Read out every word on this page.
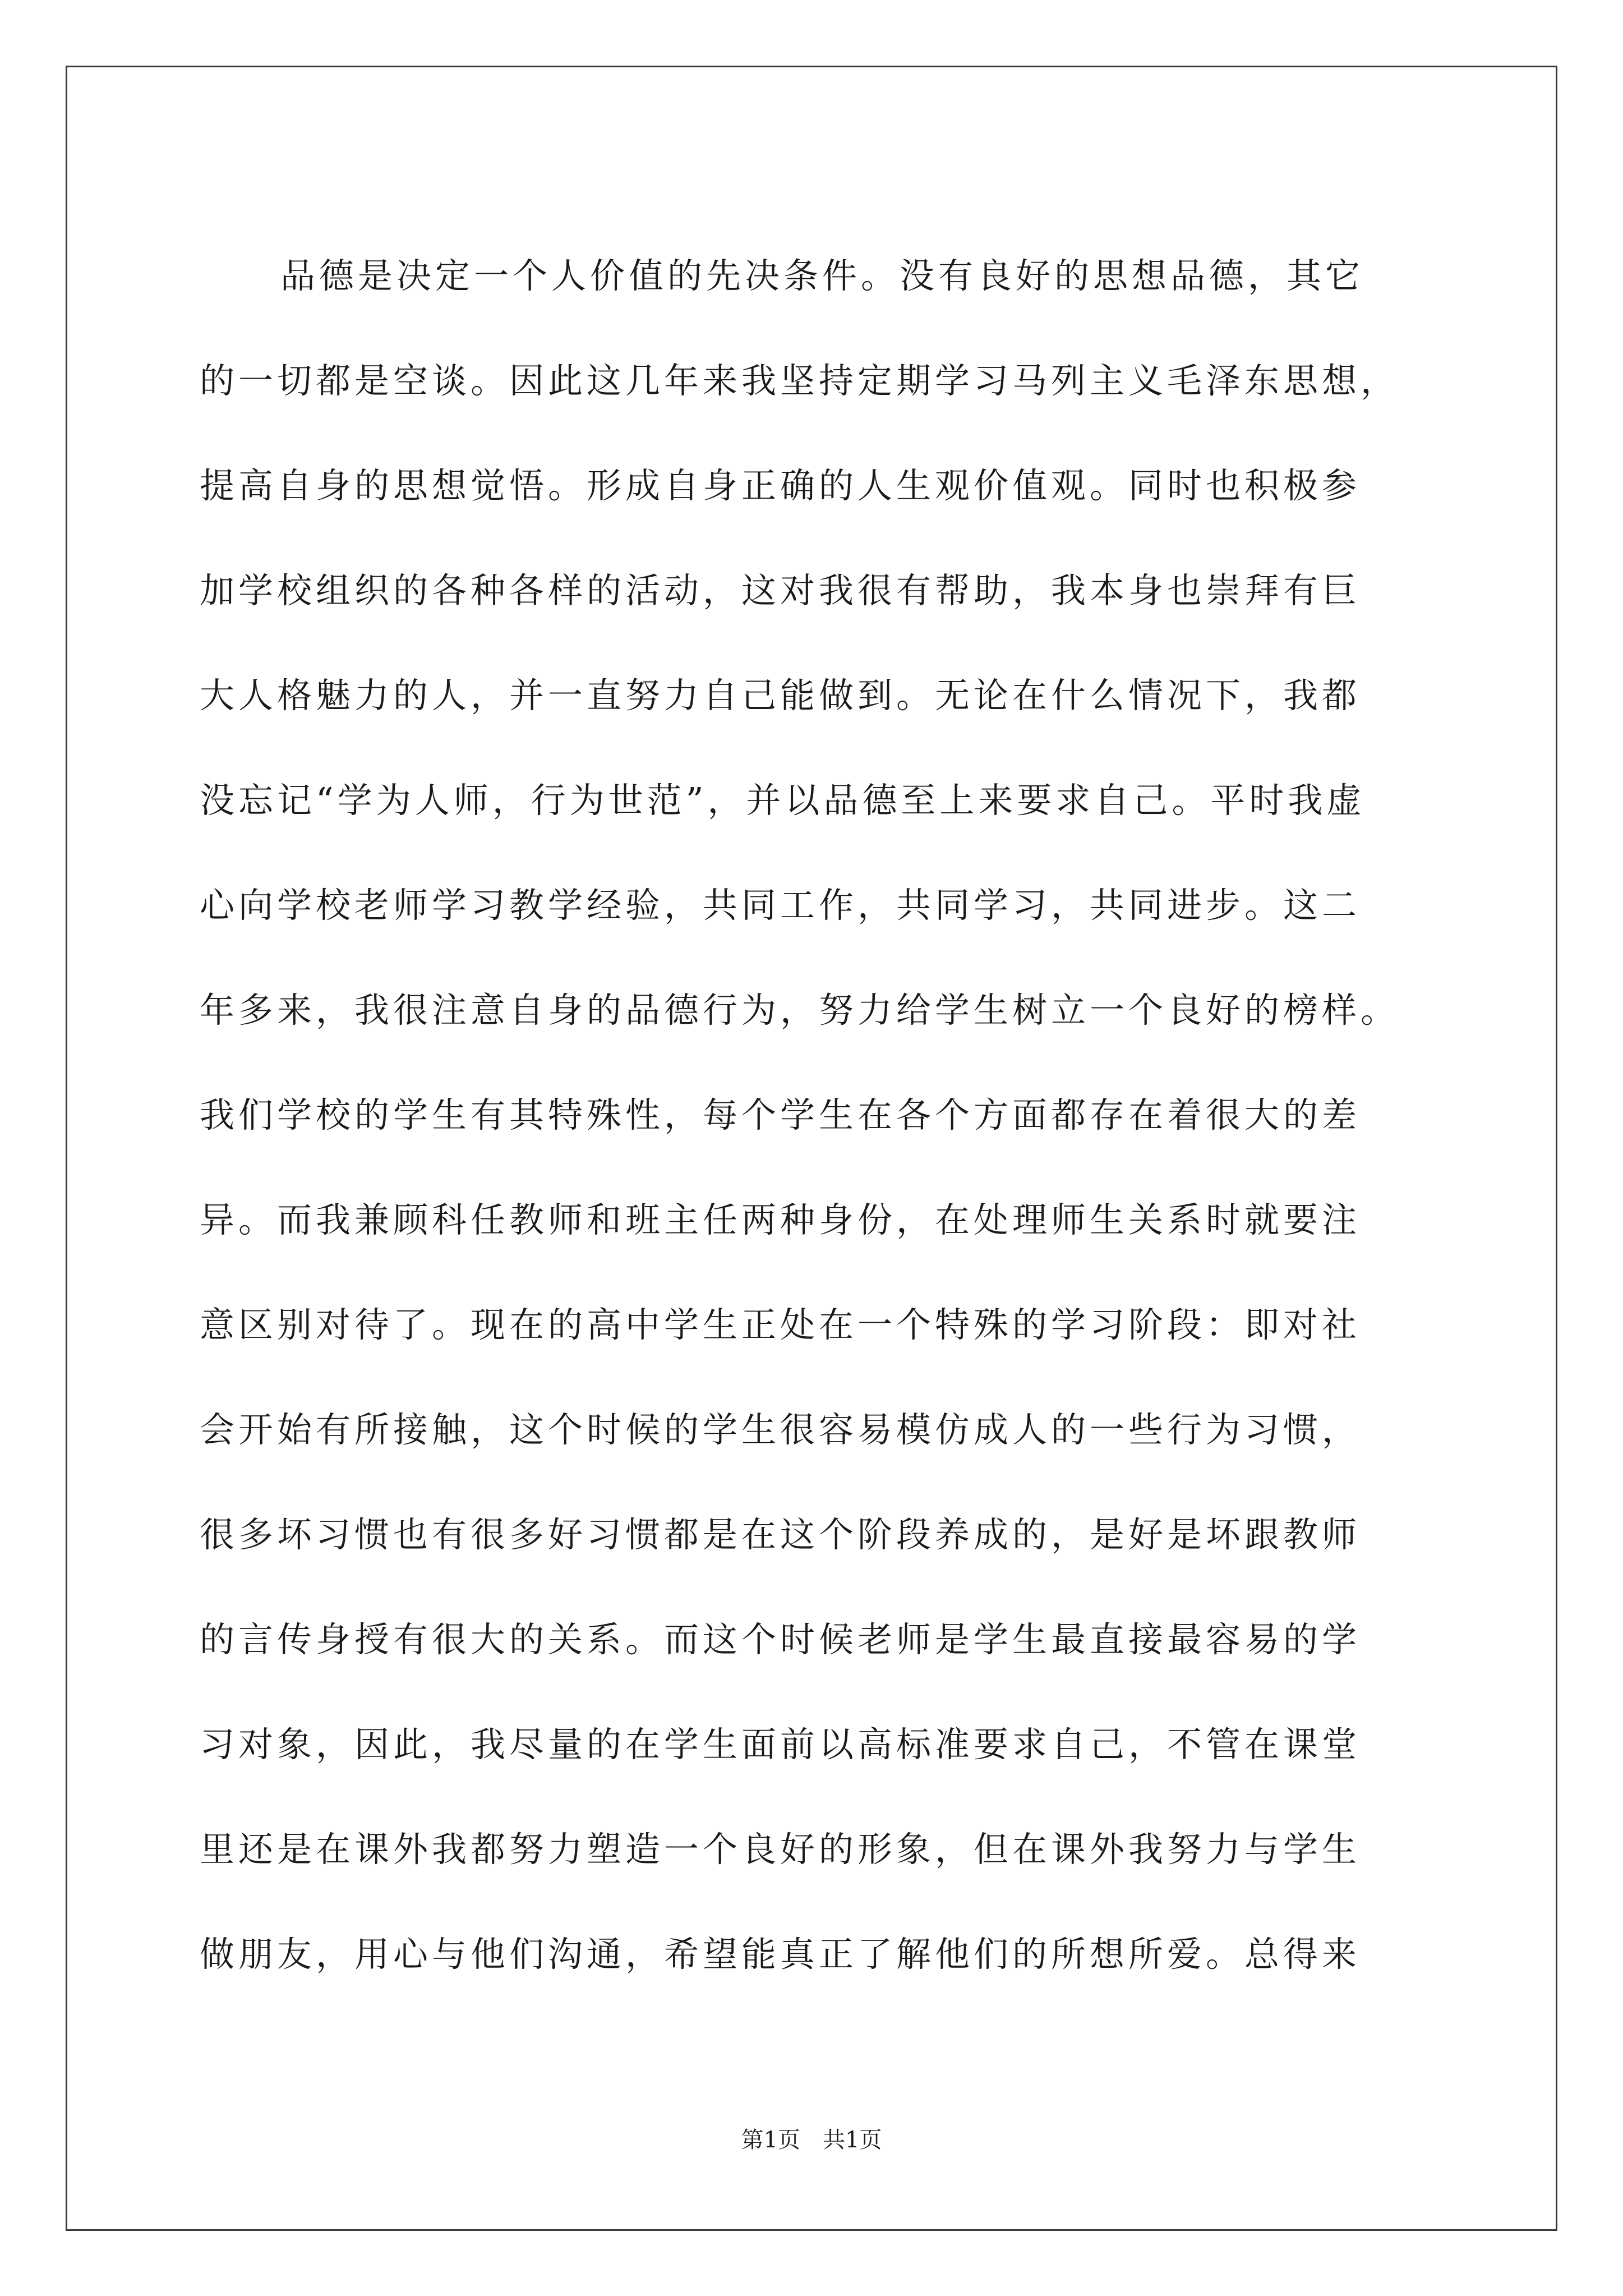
品德是决定一个人价值的先决条件。没有良好的思想品德，其它
的一切都是空谈。因此这几年来我坚持定期学习马列主义毛泽东思想，
提高自身的思想觉悟。形成自身正确的人生观价值观。同时也积极参
加学校组织的各种各样的活动，这对我很有帮助，我本身也崇拜有巨
大人格魅力的人，并一直努力自己能做到。无论在什么情况下，我都
没忘记“学为人师，行为世范”，并以品德至上来要求自己。平时我虚
心向学校老师学习教学经验，共同工作，共同学习，共同进步。这二
年多来，我很注意自身的品德行为，努力给学生树立一个良好的榜样。
我们学校的学生有其特殊性，每个学生在各个方面都存在着很大的差
异。而我兼顾科任教师和班主任两种身份，在处理师生关系时就要注
意区别对待了。现在的高中学生正处在一个特殊的学习阶段：即对社
会开始有所接触，这个时候的学生很容易模仿成人的一些行为习惯，
很多坏习惯也有很多好习惯都是在这个阶段养成的，是好是坏跟教师
的言传身授有很大的关系。而这个时候老师是学生最直接最容易的学
习对象，因此，我尽量的在学生面前以高标准要求自己，不管在课堂
里还是在课外我都努力塑造一个良好的形象，但在课外我努力与学生
做朋友，用心与他们沟通，希望能真正了解他们的所想所爱。总得来
第1页　共1页
